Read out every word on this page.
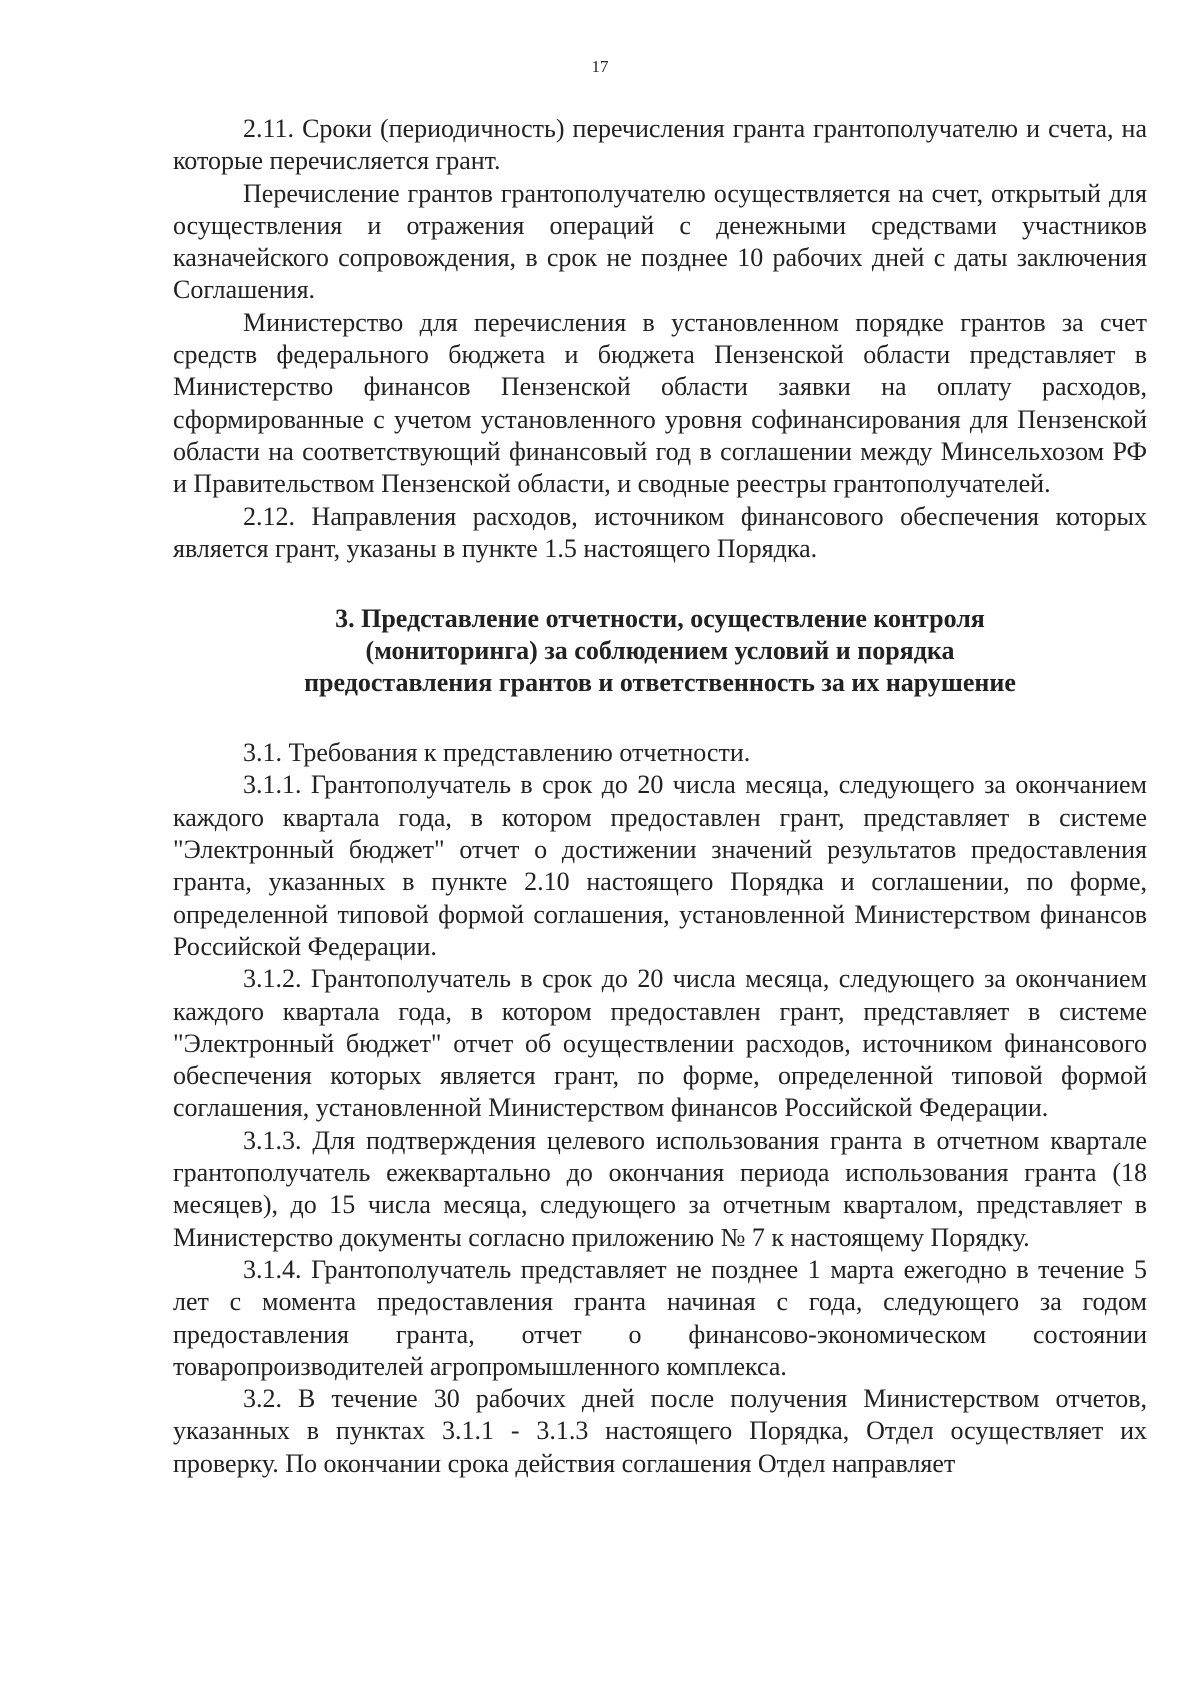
17

2.11. Сроки (периодичность) перечисления гранта грантополучателю и счета, на которые перечисляется грант.

Перечисление грантов грантополучателю осуществляется на счет, открытый для осуществления и отражения операций с денежными средствами участников казначейского сопровождения, в срок не позднее 10 рабочих дней с даты заключения Соглашения.

Министерство для перечисления в установленном порядке грантов за счет средств федерального бюджета и бюджета Пензенской области представляет в Министерство финансов Пензенской области заявки на оплату расходов, сформированные с учетом установленного уровня софинансирования для Пензенской области на соответствующий финансовый год в соглашении между Минсельхозом РФ и Правительством Пензенской области, и сводные реестры грантополучателей.

2.12. Направления расходов, источником финансового обеспечения которых является грант, указаны в пункте 1.5 настоящего Порядка.

3. Представление отчетности, осуществление контроля
(мониторинга) за соблюдением условий и порядка
предоставления грантов и ответственность за их нарушение

3.1. Требования к представлению отчетности.

3.1.1. Грантополучатель в срок до 20 числа месяца, следующего за окончанием каждого квартала года, в котором предоставлен грант, представляет в системе "Электронный бюджет" отчет о достижении значений результатов предоставления гранта, указанных в пункте 2.10 настоящего Порядка и соглашении, по форме, определенной типовой формой соглашения, установленной Министерством финансов Российской Федерации.

3.1.2. Грантополучатель в срок до 20 числа месяца, следующего за окончанием каждого квартала года, в котором предоставлен грант, представляет в системе "Электронный бюджет" отчет об осуществлении расходов, источником финансового обеспечения которых является грант, по форме, определенной типовой формой соглашения, установленной Министерством финансов Российской Федерации.

3.1.3. Для подтверждения целевого использования гранта в отчетном квартале грантополучатель ежеквартально до окончания периода использования гранта (18 месяцев), до 15 числа месяца, следующего за отчетным кварталом, представляет в Министерство документы согласно приложению № 7 к настоящему Порядку.

3.1.4. Грантополучатель представляет не позднее 1 марта ежегодно в течение 5 лет с момента предоставления гранта начиная с года, следующего за годом предоставления гранта, отчет о финансово-экономическом состоянии товаропроизводителей агропромышленного комплекса.

3.2. В течение 30 рабочих дней после получения Министерством отчетов, указанных в пунктах 3.1.1 - 3.1.3 настоящего Порядка, Отдел осуществляет их проверку. По окончании срока действия соглашения Отдел направляет
